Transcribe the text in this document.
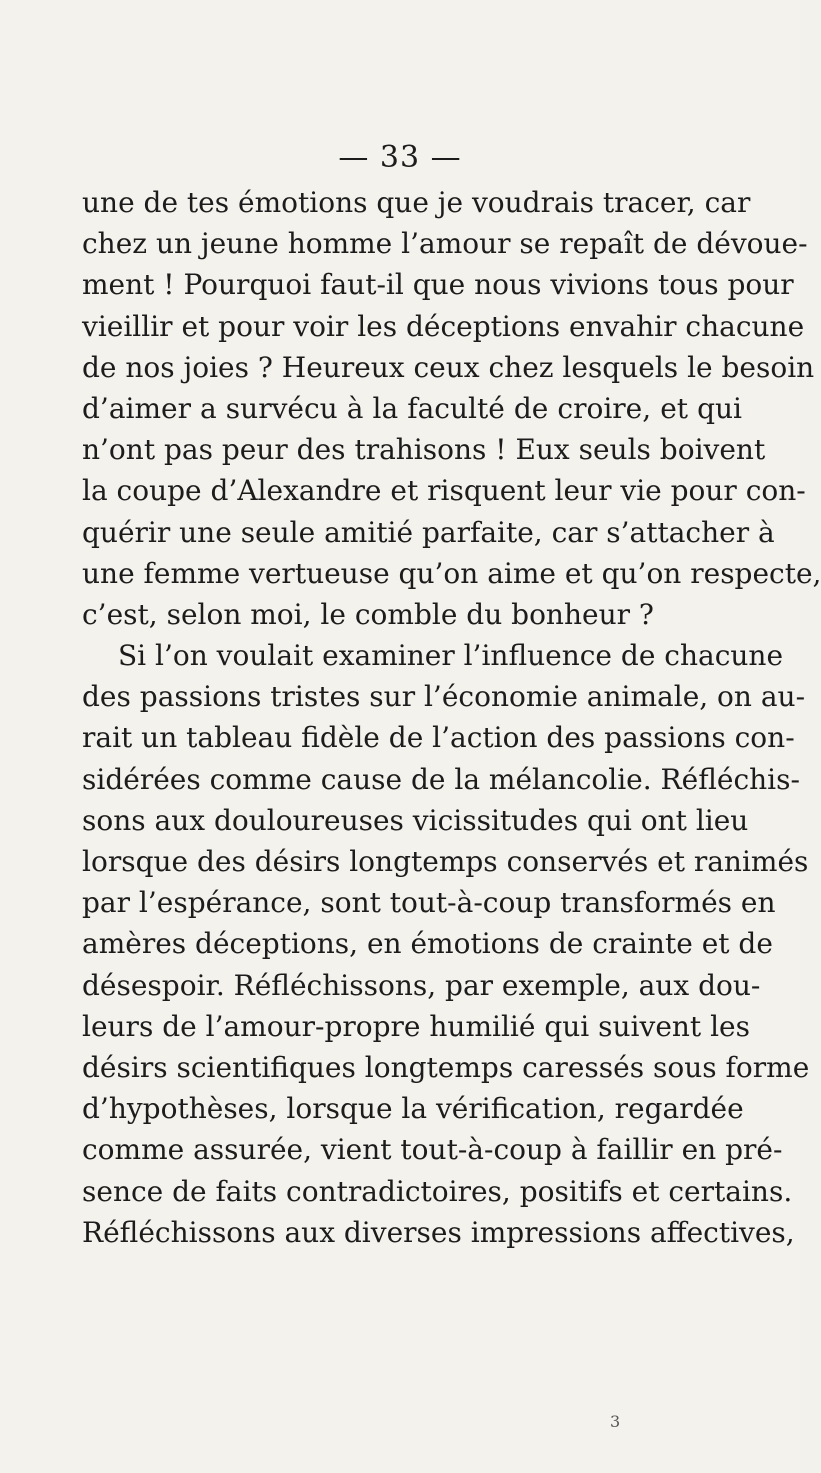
— 33 —
une de tes émotions que je voudrais tracer, car
chez un jeune homme l’amour se repaît de dévoue-
ment ! Pourquoi faut-il que nous vivions tous pour
vieillir et pour voir les déceptions envahir chacune
de nos joies ? Heureux ceux chez lesquels le besoin
d’aimer a survécu à la faculté de croire, et qui
n’ont pas peur des trahisons ! Eux seuls boivent
la coupe d’Alexandre et risquent leur vie pour con-
quérir une seule amitié parfaite, car s’attacher à
une femme vertueuse qu’on aime et qu’on respecte,
c’est, selon moi, le comble du bonheur ?
Si l’on voulait examiner l’influence de chacune
des passions tristes sur l’économie animale, on au-
rait un tableau fidèle de l’action des passions con-
sidérées comme cause de la mélancolie. Réfléchis-
sons aux douloureuses vicissitudes qui ont lieu
lorsque des désirs longtemps conservés et ranimés
par l’espérance, sont tout-à-coup transformés en
amères déceptions, en émotions de crainte et de
désespoir. Réfléchissons, par exemple, aux dou-
leurs de l’amour-propre humilié qui suivent les
désirs scientifiques longtemps caressés sous forme
d’hypothèses, lorsque la vérification, regardée
comme assurée, vient tout-à-coup à faillir en pré-
sence de faits contradictoires, positifs et certains.
Réfléchissons aux diverses impressions affectives,
3
